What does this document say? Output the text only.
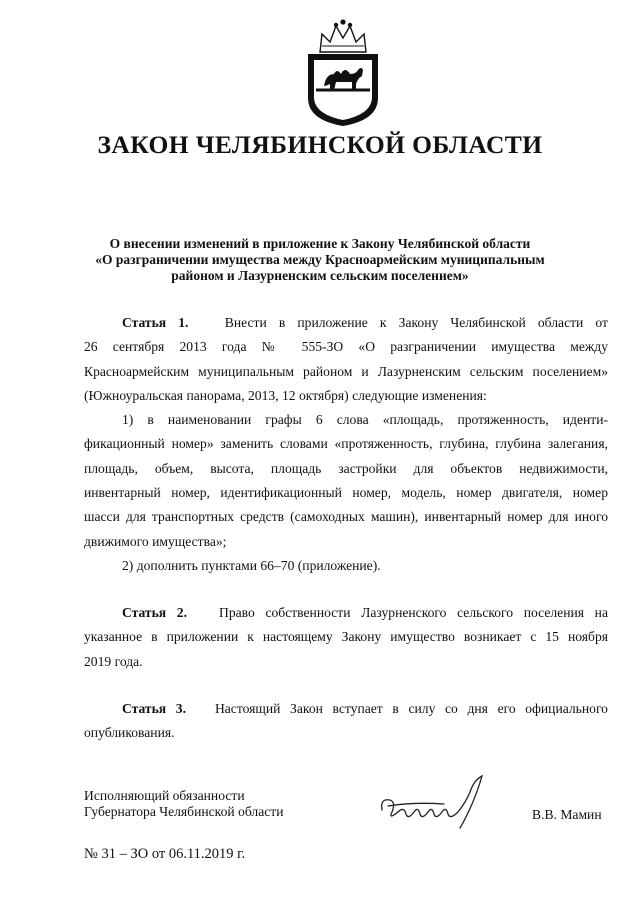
ЗАКОН ЧЕЛЯБИНСКОЙ ОБЛАСТИ
О внесении изменений в приложение к Закону Челябинской области
«О разграничении имущества между Красноармейским муниципальным
районом и Лазурненским сельским поселением»
Статья 1.	Внести в приложение к Закону Челябинской области от
26 сентября 2013 года № 555-ЗО «О разграничении имущества между
Красноармейским муниципальным районом и Лазурненским сельским поселением»
(Южноуральская панорама, 2013, 12 октября) следующие изменения:
1) в наименовании графы 6 слова «площадь, протяженность, иденти-
фикационный номер» заменить словами «протяженность, глубина, глубина залегания,
площадь, объем, высота, площадь застройки для объектов недвижимости,
инвентарный номер, идентификационный номер, модель, номер двигателя, номер
шасси для транспортных средств (самоходных машин), инвентарный номер для иного
движимого имущества»;
2) дополнить пунктами 66–70 (приложение).
Статья 2. Право собственности Лазурненского сельского поселения на
указанное в приложении к настоящему Закону имущество возникает с 15 ноября
2019 года.
Статья 3. Настоящий Закон вступает в силу со дня его официального
опубликования.
Исполняющий обязанности
Губернатора Челябинской области	В.В. Мамин
№ 31 – ЗО от 06.11.2019 г.
